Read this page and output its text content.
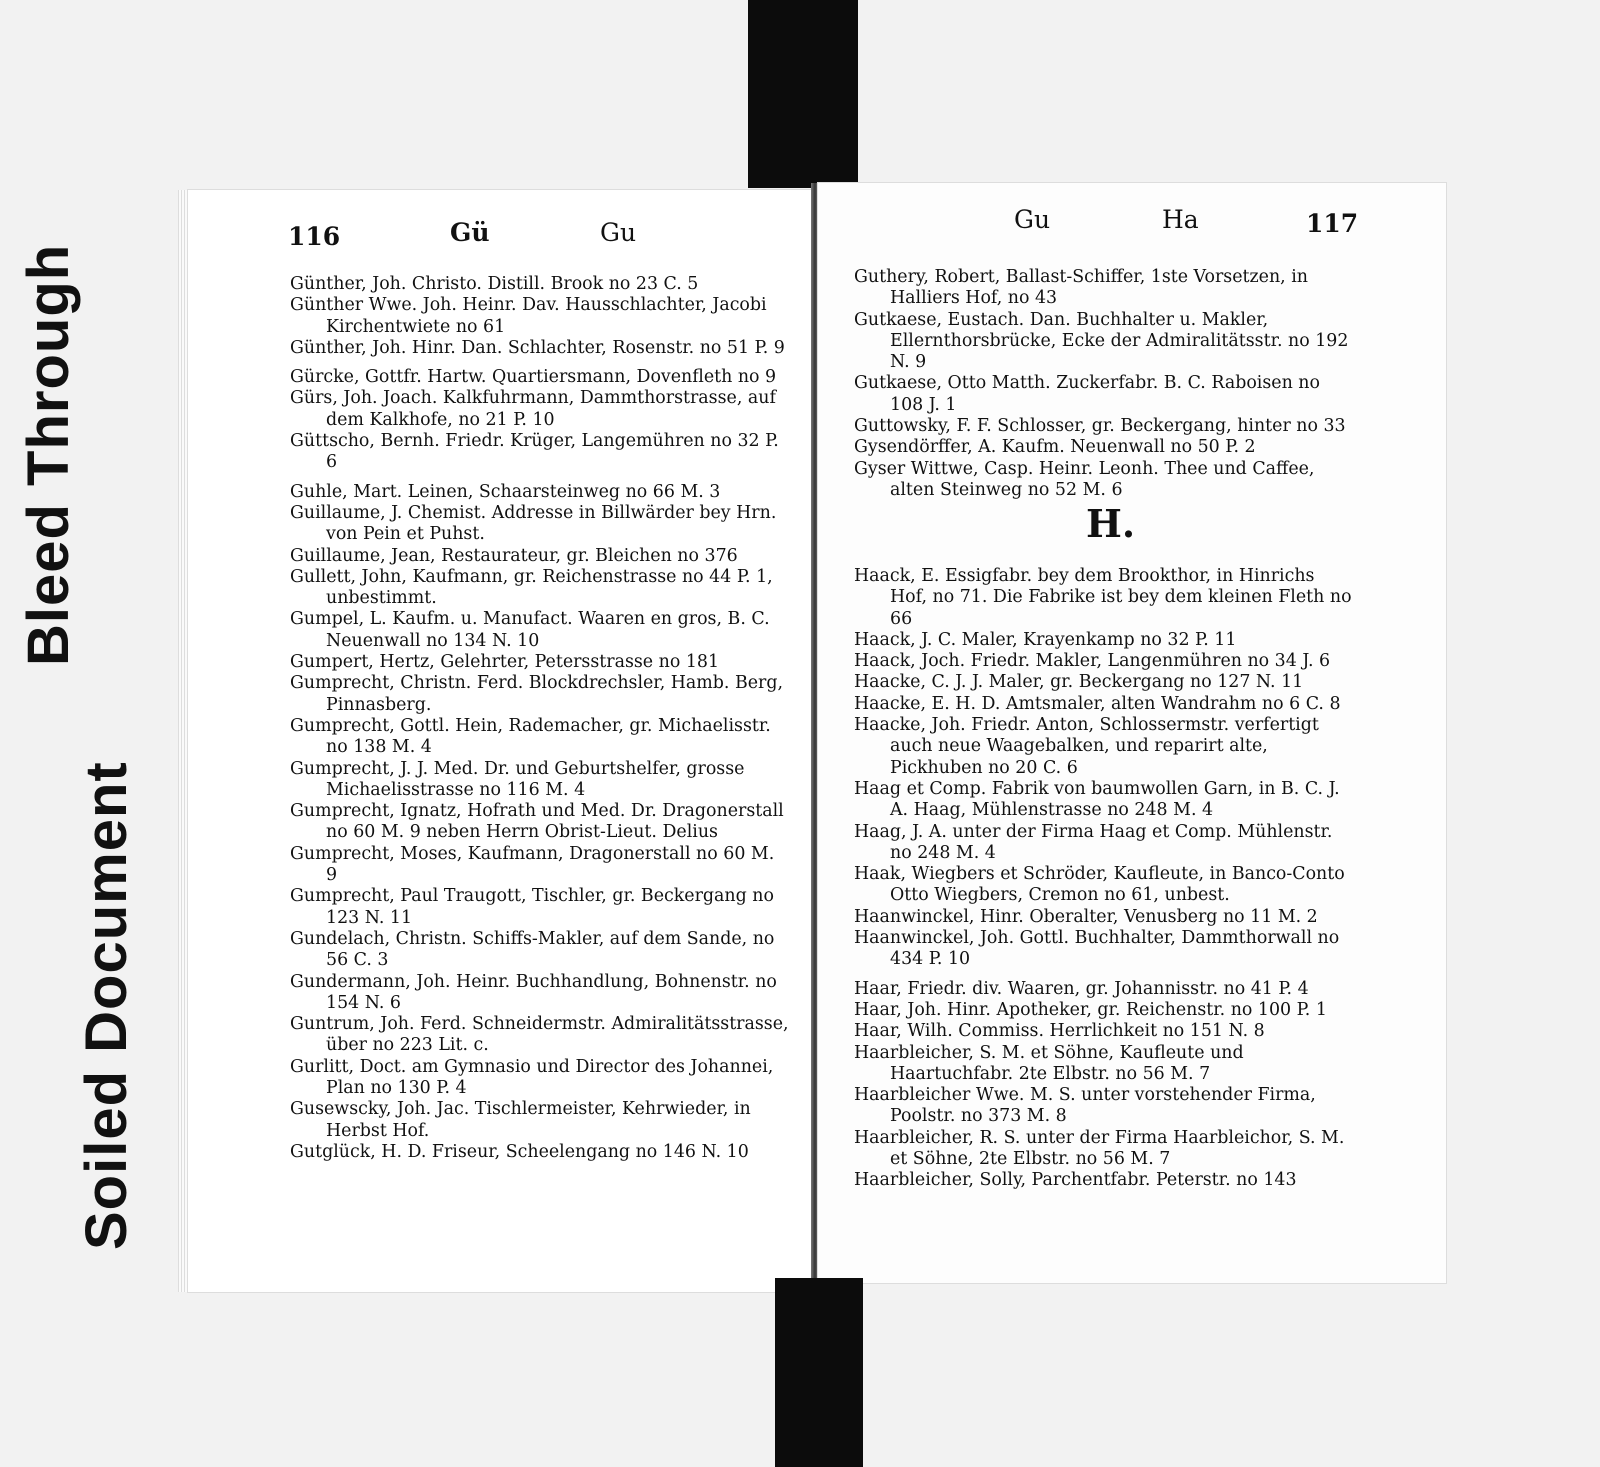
Bleed Through
Soiled Document
116	Gü	Gu

Günther, Joh. Christo. Distill. Brook no 23 C. 5

Günther Wwe. Joh. Heinr. Dav. Hausschlachter, Jacobi Kirchentwiete no 61

Günther, Joh. Hinr. Dan. Schlachter, Rosenstr. no 51 P. 9

Gürcke, Gottfr. Hartw. Quartiersmann, Dovenfleth no 9

Gürs, Joh. Joach. Kalkfuhrmann, Dammthorstrasse, auf dem Kalkhofe, no 21 P. 10

Güttscho, Bernh. Friedr. Krüger, Langemühren no 32 P. 6

Guhle, Mart. Leinen, Schaarsteinweg no 66 M. 3

Guillaume, J. Chemist. Addresse in Billwärder bey Hrn. von Pein et Puhst.

Guillaume, Jean, Restaurateur, gr. Bleichen no 376

Gullett, John, Kaufmann, gr. Reichenstrasse no 44 P. 1, unbestimmt.

Gumpel, L. Kaufm. u. Manufact. Waaren en gros, B. C. Neuenwall no 134 N. 10

Gumpert, Hertz, Gelehrter, Petersstrasse no 181

Gumprecht, Christn. Ferd. Blockdrechsler, Hamb. Berg, Pinnasberg.

Gumprecht, Gottl. Hein, Rademacher, gr. Michaelisstr. no 138 M. 4

Gumprecht, J. J. Med. Dr. und Geburtshelfer, grosse Michaelisstrasse no 116 M. 4

Gumprecht, Ignatz, Hofrath und Med. Dr. Dragonerstall no 60 M. 9 neben Herrn Obrist-Lieut. Delius

Gumprecht, Moses, Kaufmann, Dragonerstall no 60 M. 9

Gumprecht, Paul Traugott, Tischler, gr. Beckergang no 123 N. 11

Gundelach, Christn. Schiffs-Makler, auf dem Sande, no 56 C. 3

Gundermann, Joh. Heinr. Buchhandlung, Bohnenstr. no 154 N. 6

Guntrum, Joh. Ferd. Schneidermstr. Admiralitätsstrasse, über no 223 Lit. c.

Gurlitt, Doct. am Gymnasio und Director des Johannei, Plan no 130 P. 4

Gusewscky, Joh. Jac. Tischlermeister, Kehrwieder, in Herbst Hof.

Gutglück, H. D. Friseur, Scheelengang no 146 N. 10

Gu	Ha	117

Guthery, Robert, Ballast-Schiffer, 1ste Vorsetzen, in Halliers Hof, no 43

Gutkaese, Eustach. Dan. Buchhalter u. Makler, Ellernthorsbrücke, Ecke der Admiralitätsstr. no 192 N. 9

Gutkaese, Otto Matth. Zuckerfabr. B. C. Raboisen no 108 J. 1

Guttowsky, F. F. Schlosser, gr. Beckergang, hinter no 33

Gysendörffer, A. Kaufm. Neuenwall no 50 P. 2

Gyser Wittwe, Casp. Heinr. Leonh. Thee und Caffee, alten Steinweg no 52 M. 6

H.

Haack, E. Essigfabr. bey dem Brookthor, in Hinrichs Hof, no 71. Die Fabrike ist bey dem kleinen Fleth no 66

Haack, J. C. Maler, Krayenkamp no 32 P. 11

Haack, Joch. Friedr. Makler, Langenmühren no 34 J. 6

Haacke, C. J. J. Maler, gr. Beckergang no 127 N. 11

Haacke, E. H. D. Amtsmaler, alten Wandrahm no 6 C. 8

Haacke, Joh. Friedr. Anton, Schlossermstr. verfertigt auch neue Waagebalken, und reparirt alte, Pickhuben no 20 C. 6

Haag et Comp. Fabrik von baumwollen Garn, in B. C. J. A. Haag, Mühlenstrasse no 248 M. 4

Haag, J. A. unter der Firma Haag et Comp. Mühlenstr. no 248 M. 4

Haak, Wiegbers et Schröder, Kaufleute, in Banco-Conto Otto Wiegbers, Cremon no 61, unbest.

Haanwinckel, Hinr. Oberalter, Venusberg no 11 M. 2

Haanwinckel, Joh. Gottl. Buchhalter, Dammthorwall no 434 P. 10

Haar, Friedr. div. Waaren, gr. Johannisstr. no 41 P. 4

Haar, Joh. Hinr. Apotheker, gr. Reichenstr. no 100 P. 1

Haar, Wilh. Commiss. Herrlichkeit no 151 N. 8

Haarbleicher, S. M. et Söhne, Kaufleute und Haartuchfabr. 2te Elbstr. no 56 M. 7

Haarbleicher Wwe. M. S. unter vorstehender Firma, Poolstr. no 373 M. 8

Haarbleicher, R. S. unter der Firma Haarbleichor, S. M. et Söhne, 2te Elbstr. no 56 M. 7

Haarbleicher, Solly, Parchentfabr. Peterstr. no 143
